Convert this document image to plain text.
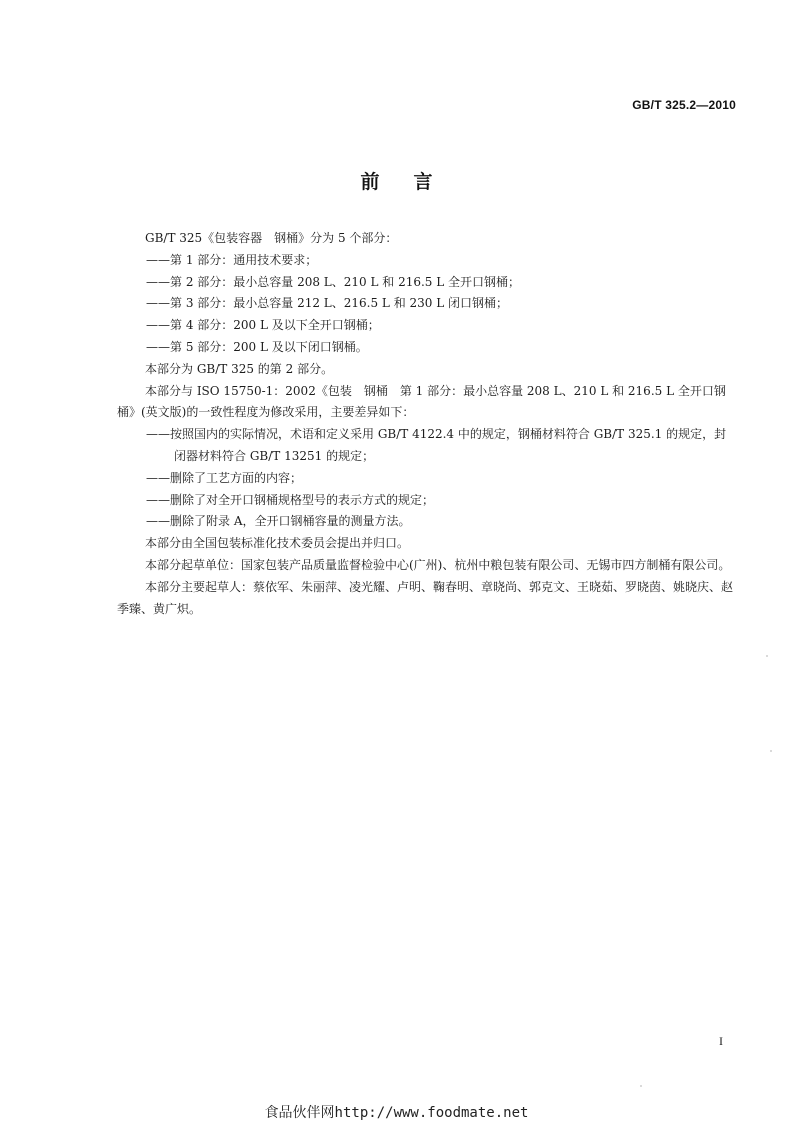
GB/T 325.2—2010
前言

GB/T 325《包装容器　钢桶》分为 5 个部分：

——第 1 部分：通用技术要求；

——第 2 部分：最小总容量 208 L、210 L 和 216.5 L 全开口钢桶；

——第 3 部分：最小总容量 212 L、216.5 L 和 230 L 闭口钢桶；

——第 4 部分：200 L 及以下全开口钢桶；

——第 5 部分：200 L 及以下闭口钢桶。

本部分为 GB/T 325 的第 2 部分。

本部分与 ISO 15750-1：2002《包装　钢桶　第 1 部分：最小总容量 208 L、210 L 和 216.5 L 全开口钢桶》(英文版)的一致性程度为修改采用，主要差异如下：

——按照国内的实际情况，术语和定义采用 GB/T 4122.4 中的规定，钢桶材料符合 GB/T 325.1 的规定，封闭器材料符合 GB/T 13251 的规定；

——删除了工艺方面的内容；

——删除了对全开口钢桶规格型号的表示方式的规定；

——删除了附录 A，全开口钢桶容量的测量方法。

本部分由全国包装标准化技术委员会提出并归口。

本部分起草单位：国家包装产品质量监督检验中心(广州)、杭州中粮包装有限公司、无锡市四方制桶有限公司。

本部分主要起草人：蔡依军、朱丽萍、凌光耀、卢明、鞠春明、章晓尚、郭克文、王晓茹、罗晓茵、姚晓庆、赵季臻、黄广炽。

I
食品伙伴网http://www.foodmate.net
